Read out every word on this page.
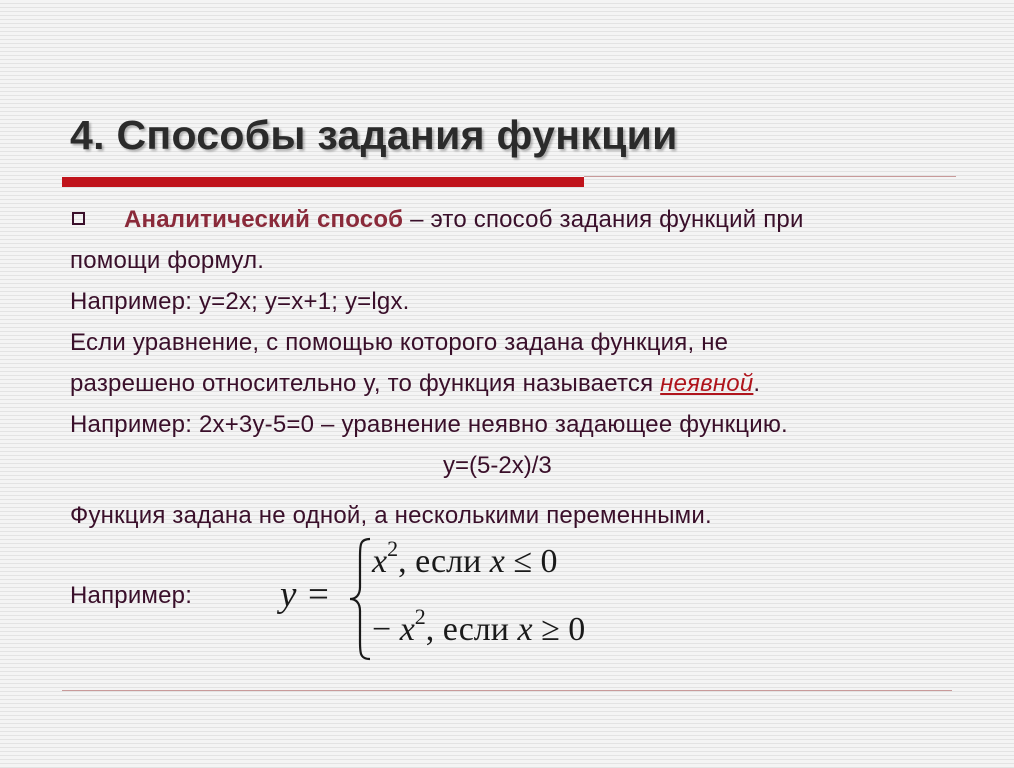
4. Способы задания функции
Аналитический способ – это способ задания функций при
помощи формул.
Например: y=2x; y=x+1; y=lgx.
Если уравнение, с помощью которого задана функция, не
разрешено относительно y, то функция называется неявной.
Например: 2x+3y-5=0 – уравнение неявно задающее функцию.
y=(5-2x)/3
Функция задана не одной, а несколькими переменными.
Например: y =
$x^2$, если x ≤ 0
− $x^2$, если x ≥ 0
